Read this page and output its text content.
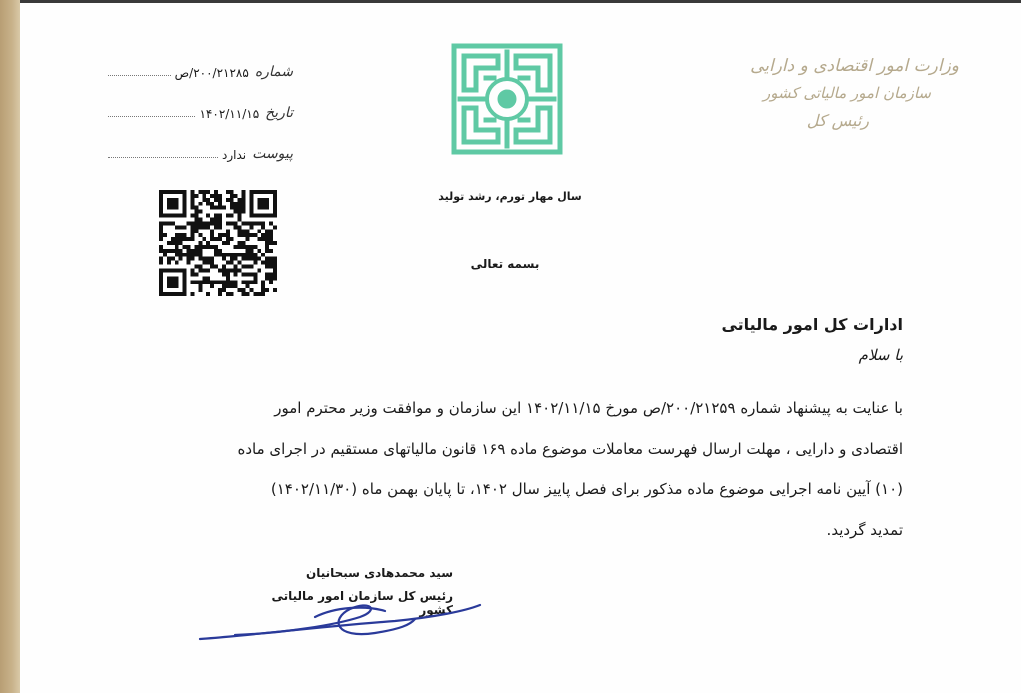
وزارت امور اقتصادی و دارایی
سازمان امور مالیاتی کشور
رئیس کل
سال مهار تورم، رشد تولید
بسمه تعالی
شماره
۲۰۰/۲۱۲۸۵/ص
تاریخ
۱۴۰۲/۱۱/۱۵
پیوست
ندارد
ادارات کل امور مالیاتی
با سلام
با عنایت به پیشنهاد شماره ۲۰۰/۲۱۲۵۹/ص مورخ ۱۴۰۲/۱۱/۱۵ این سازمان و موافقت وزیر محترم امور
اقتصادی و دارایی ، مهلت ارسال فهرست معاملات موضوع ماده ۱۶۹ قانون مالیاتهای مستقیم در اجرای ماده
(۱۰) آیین نامه اجرایی موضوع ماده مذکور برای فصل پاییز سال ۱۴۰۲، تا پایان بهمن ماه (۱۴۰۲/۱۱/۳۰)
تمدید گردید.
سید محمدهادی سبحانیان
رئیس کل سازمان امور مالیاتی کشور
